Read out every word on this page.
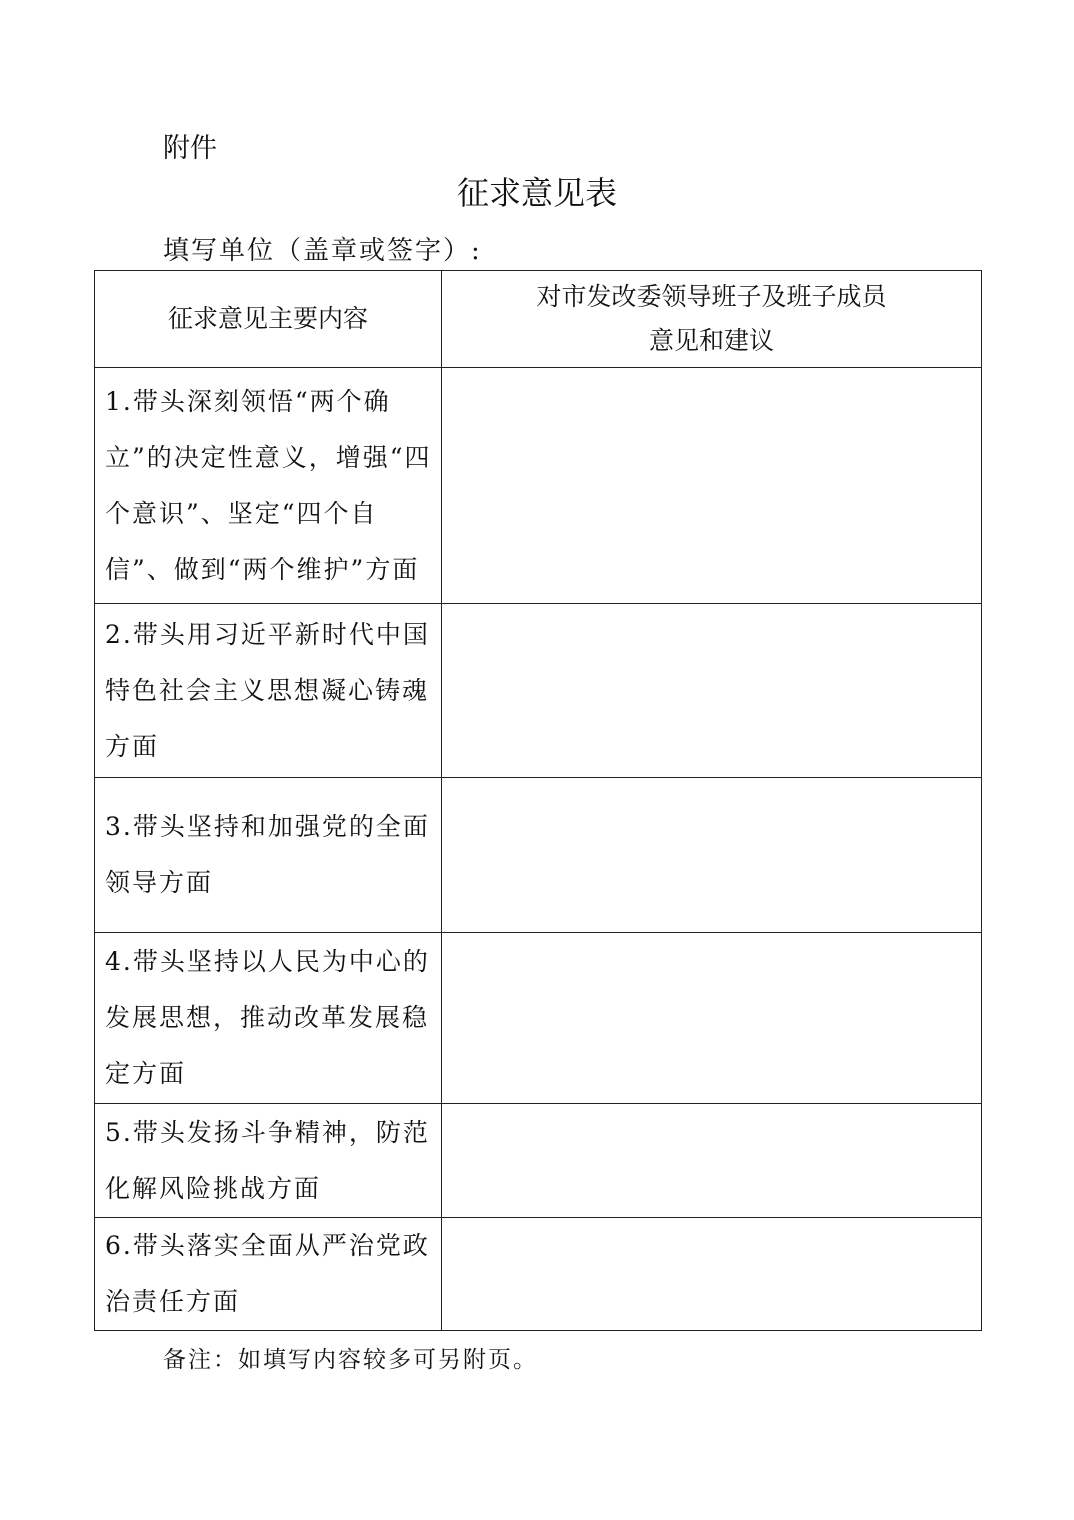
附件
征求意见表
填写单位（盖章或签字）:
征求意见主要内容	对市发改委领导班子及班子成员
意见和建议

1.带头深刻领悟“两个确立”的决定性意义，增强“四个意识”、坚定“四个自信”、做到“两个维护”方面	
2.带头用习近平新时代中国特色社会主义思想凝心铸魂方面	
3.带头坚持和加强党的全面领导方面	
4.带头坚持以人民为中心的发展思想，推动改革发展稳定方面	
5.带头发扬斗争精神，防范化解风险挑战方面	
6.带头落实全面从严治党政治责任方面	
备注：如填写内容较多可另附页。
